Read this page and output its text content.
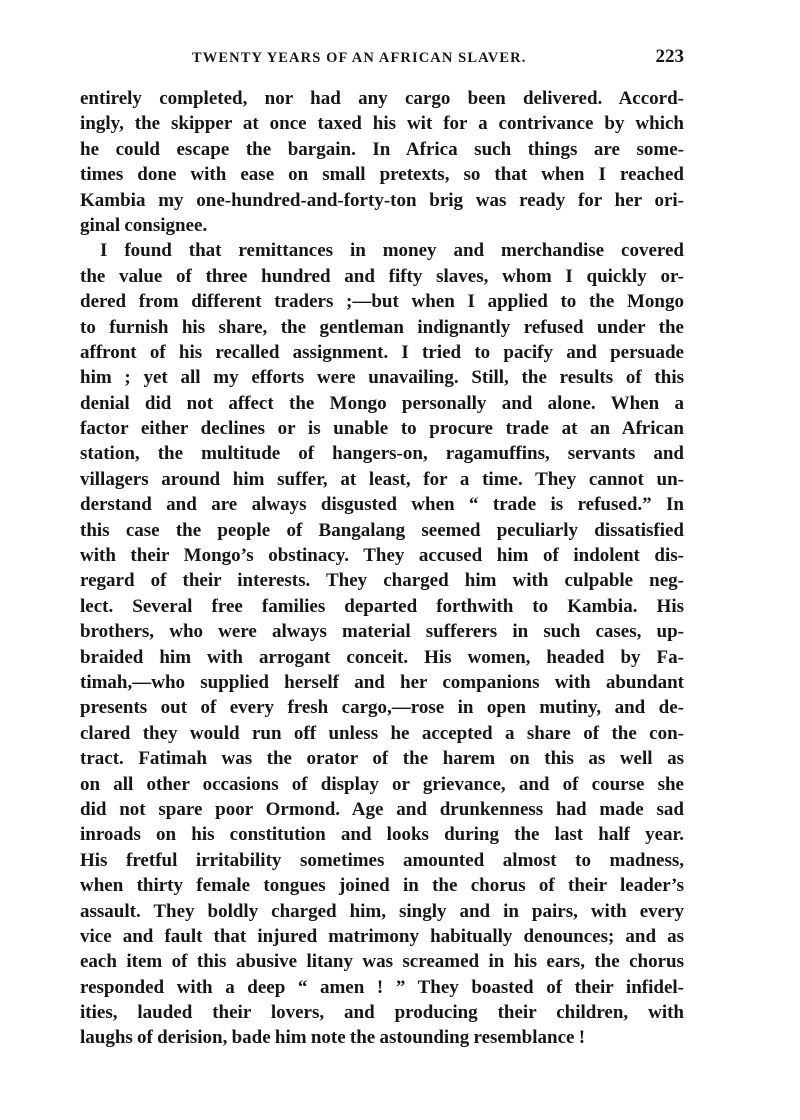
TWENTY YEARS OF AN AFRICAN SLAVER.	223
entirely completed, nor had any cargo been delivered. Accord-
ingly, the skipper at once taxed his wit for a contrivance by which
he could escape the bargain. In Africa such things are some-
times done with ease on small pretexts, so that when I reached
Kambia my one-hundred-and-forty-ton brig was ready for her ori-
ginal consignee.
I found that remittances in money and merchandise covered
the value of three hundred and fifty slaves, whom I quickly or-
dered from different traders ;—but when I applied to the Mongo
to furnish his share, the gentleman indignantly refused under the
affront of his recalled assignment. I tried to pacify and persuade
him ; yet all my efforts were unavailing. Still, the results of this
denial did not affect the Mongo personally and alone. When a
factor either declines or is unable to procure trade at an African
station, the multitude of hangers-on, ragamuffins, servants and
villagers around him suffer, at least, for a time. They cannot un-
derstand and are always disgusted when “ trade is refused.” In
this case the people of Bangalang seemed peculiarly dissatisfied
with their Mongo’s obstinacy. They accused him of indolent dis-
regard of their interests. They charged him with culpable neg-
lect. Several free families departed forthwith to Kambia. His
brothers, who were always material sufferers in such cases, up-
braided him with arrogant conceit. His women, headed by Fa-
timah,—who supplied herself and her companions with abundant
presents out of every fresh cargo,—rose in open mutiny, and de-
clared they would run off unless he accepted a share of the con-
tract. Fatimah was the orator of the harem on this as well as
on all other occasions of display or grievance, and of course she
did not spare poor Ormond. Age and drunkenness had made sad
inroads on his constitution and looks during the last half year.
His fretful irritability sometimes amounted almost to madness,
when thirty female tongues joined in the chorus of their leader’s
assault. They boldly charged him, singly and in pairs, with every
vice and fault that injured matrimony habitually denounces; and as
each item of this abusive litany was screamed in his ears, the chorus
responded with a deep “ amen ! ” They boasted of their infidel-
ities, lauded their lovers, and producing their children, with
laughs of derision, bade him note the astounding resemblance !
